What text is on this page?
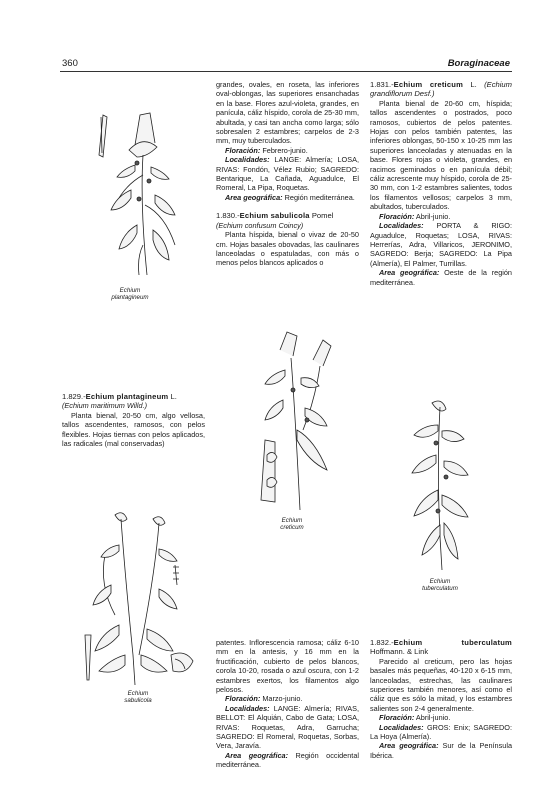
360	Boraginaceae

grandes, ovales, en roseta, las inferiores oval-oblongas, las superiores ensanchadas en la base. Flores azul-violeta, grandes, en panícula, cáliz híspido, corola de 25-30 mm, abultada, y casi tan ancha como larga; sólo sobresalen 2 estambres; carpelos de 2-3 mm, muy tuberculados.

Floración: Febrero-junio.

Localidades: LANGE: Almería; LOSA, RIVAS: Fondón, Vélez Rubio; SAGREDO: Bentarique, La Cañada, Aguadulce, El Romeral, La Pipa, Roquetas.

Area geográfica: Región mediterránea.

1.830.-Echium sabulicola Pomel

(Echium confusum Coincy)

Planta híspida, bienal o vivaz de 20-50 cm. Hojas basales obovadas, las caulinares lanceoladas o espatuladas, con más o menos pelos blancos aplicados o

1.831.-Echium creticum L. (Echium grandiflorum Desf.)

Planta bienal de 20-60 cm, híspida; tallos ascendentes o postrados, poco ramosos, cubiertos de pelos patentes. Hojas con pelos también patentes, las inferiores oblongas, 50-150 x 10-25 mm las superiores lanceoladas y atenuadas en la base. Flores rojas o violeta, grandes, en racimos geminados o en panícula débil; cáliz acrescente muy híspido, corola de 25-30 mm, con 1-2 estambres salientes, todos los filamentos vellosos; carpelos 3 mm, abultados, tuberculados.

Floración: Abril-junio.

Localidades: PORTA & RIGO: Aguadulce, Roquetas; LOSA, RIVAS: Herrerías, Adra, Villaricos, JERONIMO, SAGREDO: Berja; SAGREDO: La Pipa (Almería), El Palmer, Turrillas.

Area geográfica: Oeste de la región mediterránea.

1.829.-Echium plantagineum L.

(Echium maritimum Willd.)

Planta bienal, 20-50 cm, algo vellosa, tallos ascendentes, ramosos, con pelos flexibles. Hojas tiernas con pelos aplicados, las radicales (mal conservadas)

patentes. Inflorescencia ramosa; cáliz 6-10 mm en la antesis, y 16 mm en la fructificación, cubierto de pelos blancos, corola 10-20, rosada o azul oscura, con 1-2 estambres exertos, los filamentos algo pelosos.

Floración: Marzo-junio.

Localidades: LANGE: Almería; RIVAS, BELLOT: El Alquián, Cabo de Gata; LOSA, RIVAS: Roquetas, Adra, Garrucha; SAGREDO: El Romeral, Roquetas, Sorbas, Vera, Jaravía.

Area geográfica: Región occidental mediterránea.

1.832.-Echium tuberculatum Hoffmann. & Link

Parecido al creticum, pero las hojas basales más pequeñas, 40-120 x 6-15 mm, lanceoladas, estrechas, las caulinares superiores también menores, así como el cáliz que es sólo la mitad, y los estambres salientes son 2-4 generalmente.

Floración: Abril-junio.

Localidades: GROS: Enix; SAGREDO: La Hoya (Almería).

Area geográfica: Sur de la Península Ibérica.

Echium
plantagineum
Echium
creticum
Echium
tuberculatum
Echium
sabulicola
